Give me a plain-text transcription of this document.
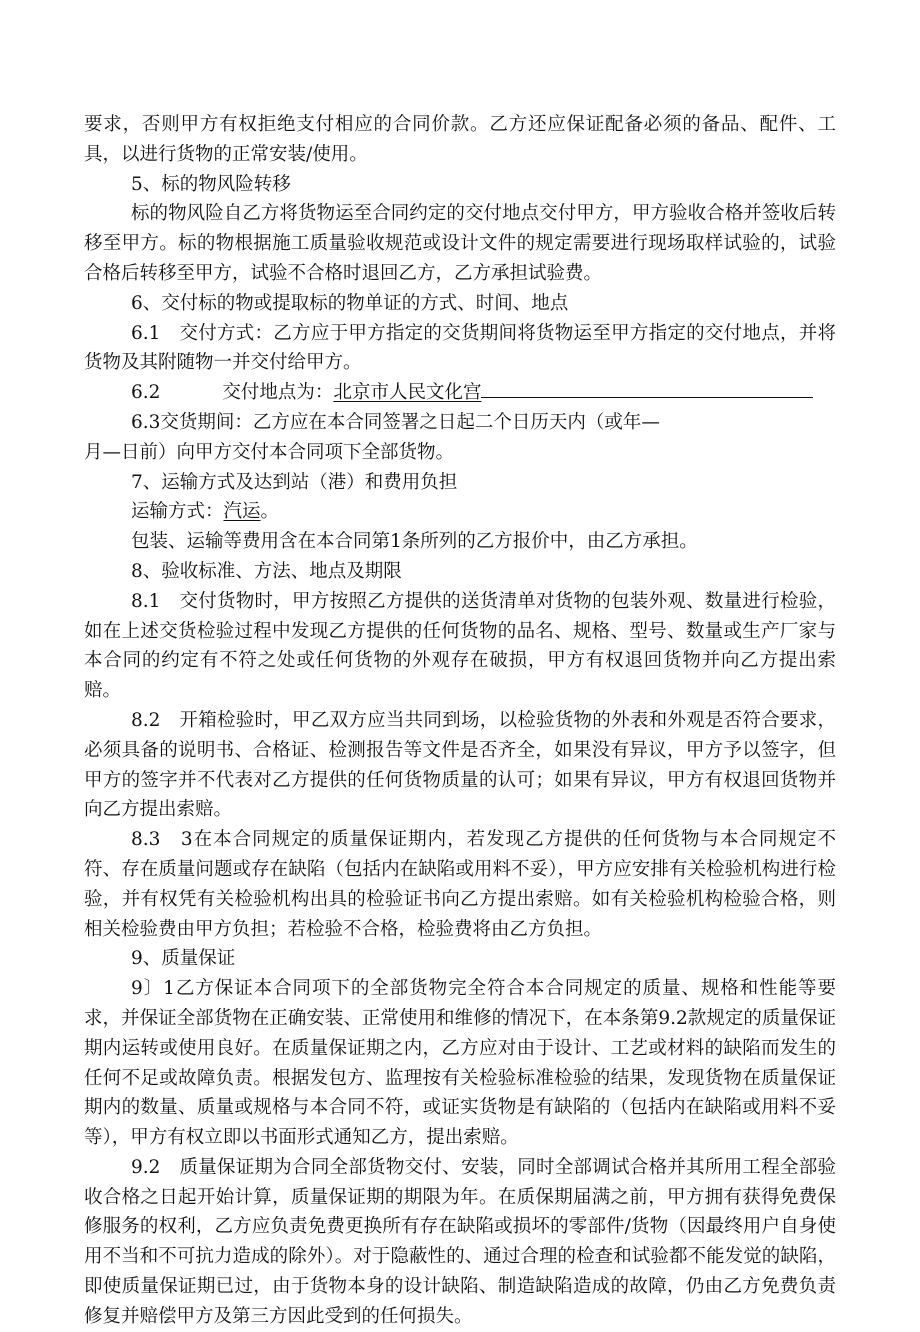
要求，否则甲方有权拒绝支付相应的合同价款。乙方还应保证配备必须的备品、配件、工具，以进行货物的正常安装/使用。

5、标的物风险转移

标的物风险自乙方将货物运至合同约定的交付地点交付甲方，甲方验收合格并签收后转移至甲方。标的物根据施工质量验收规范或设计文件的规定需要进行现场取样试验的，试验合格后转移至甲方，试验不合格时退回乙方，乙方承担试验费。

6、交付标的物或提取标的物单证的方式、时间、地点

6.1　交付方式：乙方应于甲方指定的交货期间将货物运至甲方指定的交付地点，并将货物及其附随物一并交付给甲方。

6.2	交付地点为：北京市人民文化宫

6.3交货期间：乙方应在本合同签署之日起二个日历天内（或年—

月—日前）向甲方交付本合同项下全部货物。

7、运输方式及达到站（港）和费用负担

运输方式：汽运。

包装、运输等费用含在本合同第1条所列的乙方报价中，由乙方承担。

8、验收标准、方法、地点及期限

8.1　交付货物时，甲方按照乙方提供的送货清单对货物的包装外观、数量进行检验，如在上述交货检验过程中发现乙方提供的任何货物的品名、规格、型号、数量或生产厂家与本合同的约定有不符之处或任何货物的外观存在破损，甲方有权退回货物并向乙方提出索赔。

8.2　开箱检验时，甲乙双方应当共同到场，以检验货物的外表和外观是否符合要求，必须具备的说明书、合格证、检测报告等文件是否齐全，如果没有异议，甲方予以签字，但甲方的签字并不代表对乙方提供的任何货物质量的认可；如果有异议，甲方有权退回货物并向乙方提出索赔。

8.3　3在本合同规定的质量保证期内，若发现乙方提供的任何货物与本合同规定不符、存在质量问题或存在缺陷（包括内在缺陷或用料不妥），甲方应安排有关检验机构进行检验，并有权凭有关检验机构出具的检验证书向乙方提出索赔。如有关检验机构检验合格，则相关检验费由甲方负担；若检验不合格，检验费将由乙方负担。

9、质量保证

9〕1乙方保证本合同项下的全部货物完全符合本合同规定的质量、规格和性能等要求，并保证全部货物在正确安装、正常使用和维修的情况下，在本条第9.2款规定的质量保证期内运转或使用良好。在质量保证期之内，乙方应对由于设计、工艺或材料的缺陷而发生的任何不足或故障负责。根据发包方、监理按有关检验标准检验的结果，发现货物在质量保证期内的数量、质量或规格与本合同不符，或证实货物是有缺陷的（包括内在缺陷或用料不妥等），甲方有权立即以书面形式通知乙方，提出索赔。

9.2　质量保证期为合同全部货物交付、安装，同时全部调试合格并其所用工程全部验收合格之日起开始计算，质量保证期的期限为年。在质保期届满之前，甲方拥有获得免费保修服务的权利，乙方应负责免费更换所有存在缺陷或损坏的零部件/货物（因最终用户自身使用不当和不可抗力造成的除外）。对于隐蔽性的、通过合理的检查和试验都不能发觉的缺陷，即使质量保证期已过，由于货物本身的设计缺陷、制造缺陷造成的故障，仍由乙方免费负责修复并赔偿甲方及第三方因此受到的任何损失。
